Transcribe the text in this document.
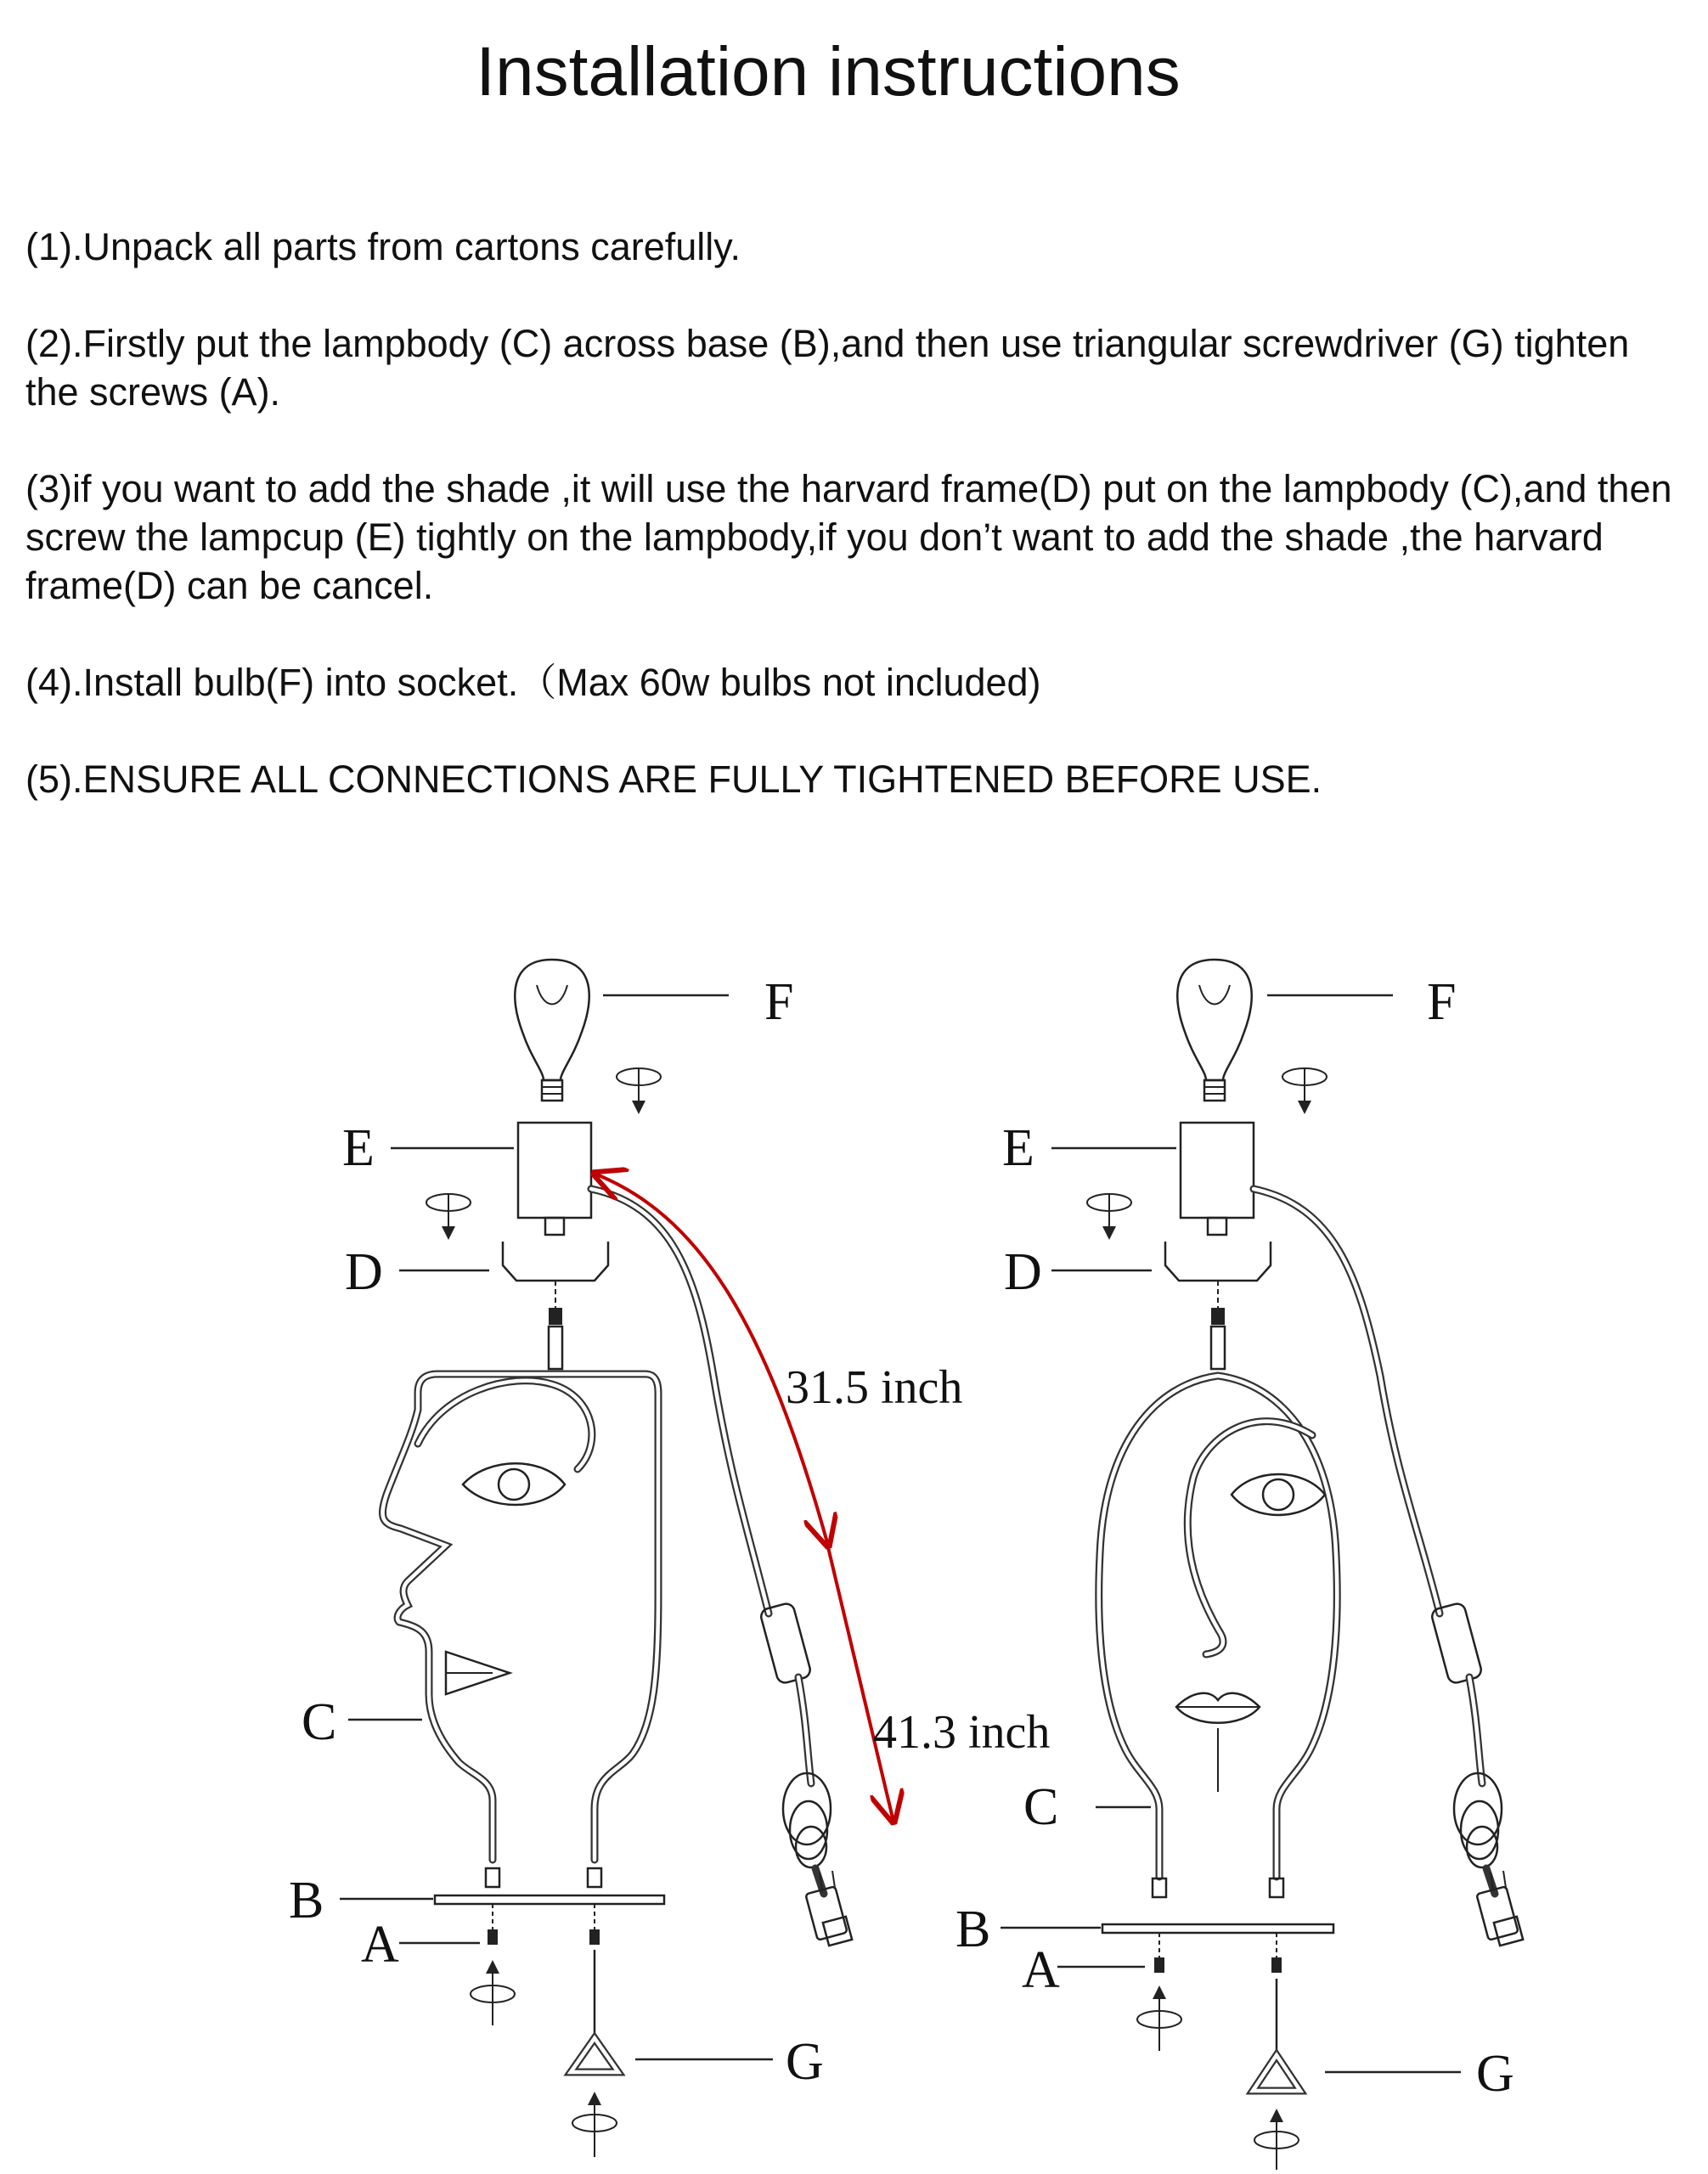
Installation instructions

(1).Unpack all parts from cartons carefully.

(2).Firstly put the lampbody (C) across base (B),and then use triangular screwdriver (G) tighten the screws (A).

(3)if you want to add the shade ,it will use the harvard frame(D) put on the lampbody (C),and then screw the lampcup (E) tightly on the lampbody,if you don’t want to add the shade ,the harvard frame(D) can be cancel.

(4).Install bulb(F) into socket.（Max 60w bulbs not included)

(5).ENSURE ALL CONNECTIONS ARE FULLY TIGHTENED BEFORE USE.

F
E
D
C
B
A
G
31.5 inch
41.3 inch
F
E
D
C
B
A
G
